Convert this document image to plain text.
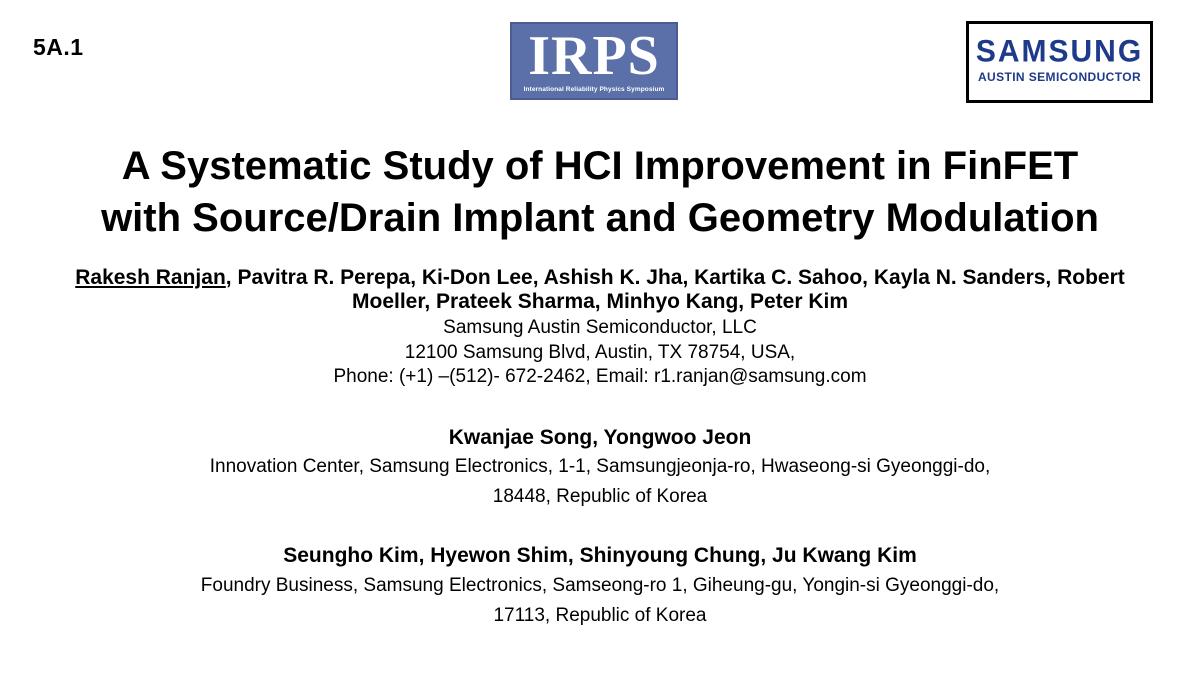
5A.1	IRPS
International Reliability Physics Symposium
SAMSUNG
AUSTIN SEMICONDUCTOR
A Systematic Study of HCI Improvement in FinFET
with Source/Drain Implant and Geometry Modulation
Rakesh Ranjan, Pavitra R. Perepa, Ki-Don Lee, Ashish K. Jha, Kartika C. Sahoo, Kayla N. Sanders, Robert Moeller, Prateek Sharma, Minhyo Kang, Peter Kim
Samsung Austin Semiconductor, LLC
12100 Samsung Blvd, Austin, TX 78754, USA,
Phone: (+1) –(512)- 672-2462, Email: r1.ranjan@samsung.com
Kwanjae Song, Yongwoo Jeon
Innovation Center, Samsung Electronics, 1-1, Samsungjeonja-ro, Hwaseong-si Gyeonggi-do,
18448, Republic of Korea
Seungho Kim, Hyewon Shim, Shinyoung Chung, Ju Kwang Kim
Foundry Business, Samsung Electronics, Samseong-ro 1, Giheung-gu, Yongin-si Gyeonggi-do,
17113, Republic of Korea
